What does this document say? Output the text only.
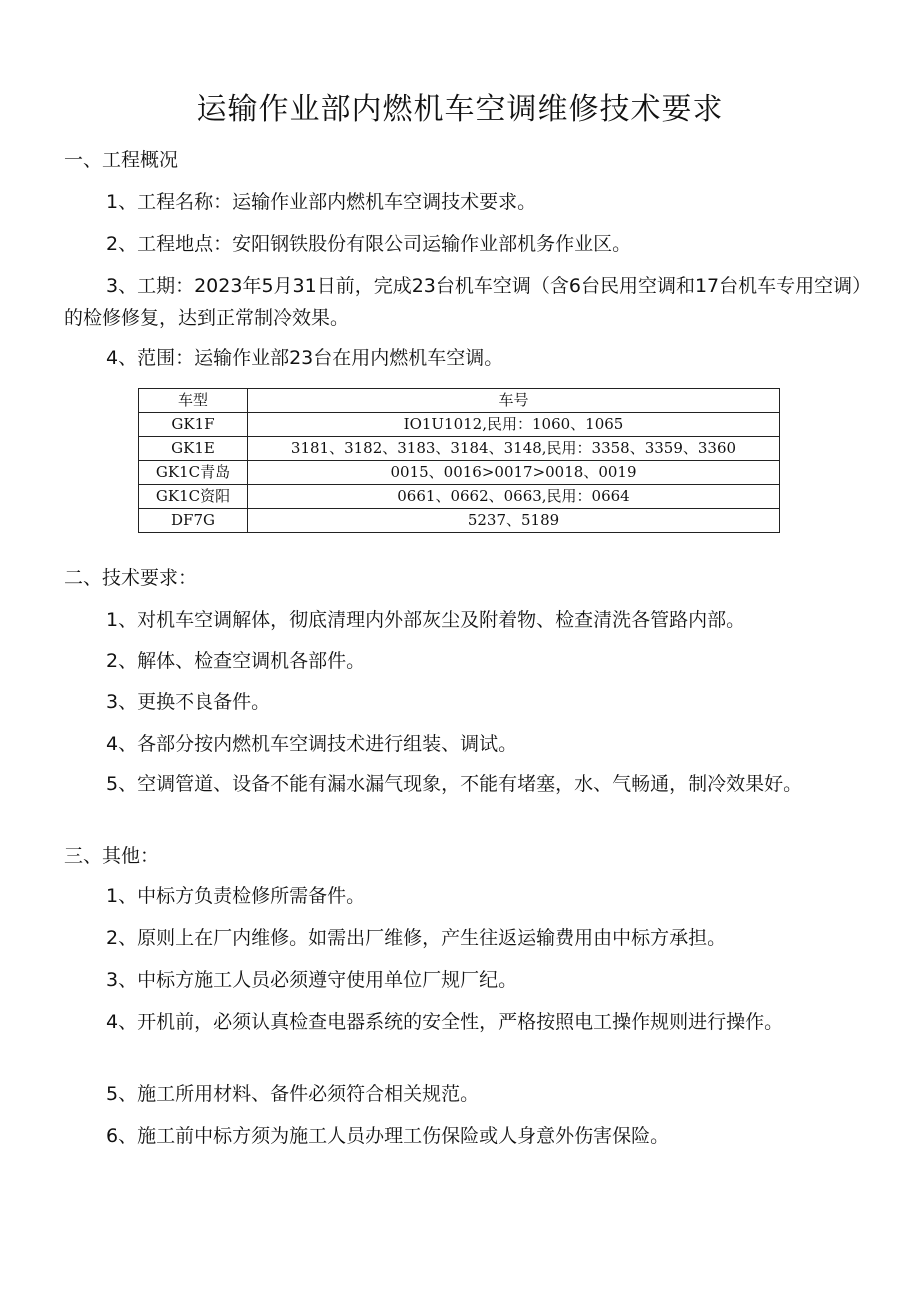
运输作业部内燃机车空调维修技术要求

一、工程概况

1、工程名称：运输作业部内燃机车空调技术要求。

2、工程地点：安阳钢铁股份有限公司运输作业部机务作业区。

3、工期：2023年5月31日前，完成23台机车空调（含6台民用空调和17台机车专用空调）的检修修复，达到正常制冷效果。

4、范围：运输作业部23台在用内燃机车空调。

车型	车号
GK1F	IO1U1012,民用：1060、1065
GK1E	3181、3182、3183、3184、3148,民用：3358、3359、3360
GK1C青岛	0015、0016>0017>0018、0019
GK1C资阳	0661、0662、0663,民用：0664
DF7G	5237、5189

二、技术要求：

1、对机车空调解体，彻底清理内外部灰尘及附着物、检查清洗各管路内部。

2、解体、检查空调机各部件。

3、更换不良备件。

4、各部分按内燃机车空调技术进行组装、调试。

5、空调管道、设备不能有漏水漏气现象，不能有堵塞，水、气畅通，制冷效果好。

三、其他：

1、中标方负责检修所需备件。

2、原则上在厂内维修。如需出厂维修，产生往返运输费用由中标方承担。

3、中标方施工人员必须遵守使用单位厂规厂纪。

4、开机前，必须认真检查电器系统的安全性，严格按照电工操作规则进行操作。

5、施工所用材料、备件必须符合相关规范。

6、施工前中标方须为施工人员办理工伤保险或人身意外伤害保险。
